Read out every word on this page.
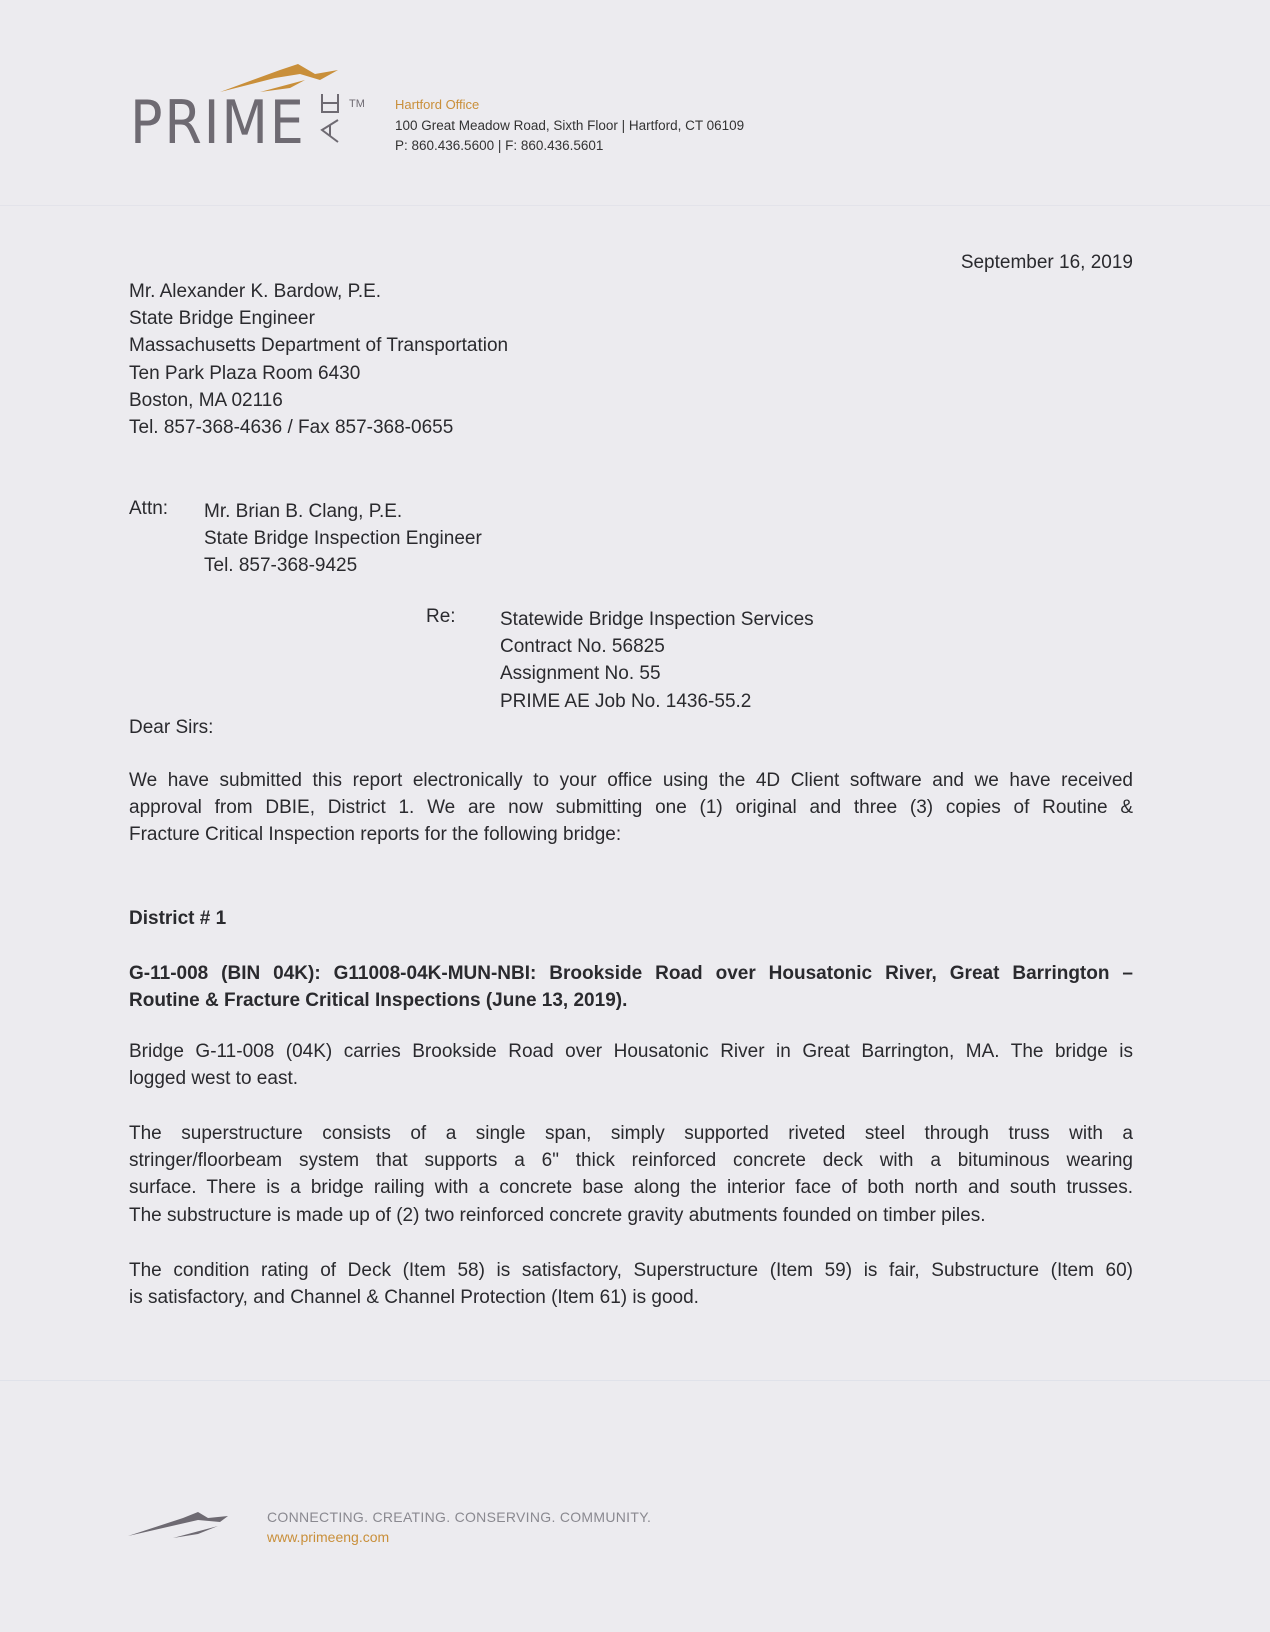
PRIME	TM Hartford Office
100 Great Meadow Road, Sixth Floor | Hartford, CT 06109
P: 860.436.5600 | F: 860.436.5601
September 16, 2019
Mr. Alexander K. Bardow, P.E.
State Bridge Engineer
Massachusetts Department of Transportation
Ten Park Plaza Room 6430
Boston, MA 02116
Tel. 857-368-4636 / Fax 857-368-0655
Attn: Mr. Brian B. Clang, P.E.
State Bridge Inspection Engineer
Tel. 857-368-9425
Re: Statewide Bridge Inspection Services
Contract No. 56825
Assignment No. 55
PRIME AE Job No. 1436-55.2
Dear Sirs:
We have submitted this report electronically to your office using the 4D Client software and we have received
approval from DBIE, District 1. We are now submitting one (1) original and three (3) copies of Routine &
Fracture Critical Inspection reports for the following bridge:
District # 1
G-11-008 (BIN 04K): G11008-04K-MUN-NBI: Brookside Road over Housatonic River, Great Barrington –
Routine & Fracture Critical Inspections (June 13, 2019).
Bridge G-11-008 (04K) carries Brookside Road over Housatonic River in Great Barrington, MA. The bridge is
logged west to east.
The superstructure consists of a single span, simply supported riveted steel through truss with a
stringer/floorbeam system that supports a 6" thick reinforced concrete deck with a bituminous wearing
surface. There is a bridge railing with a concrete base along the interior face of both north and south trusses.
The substructure is made up of (2) two reinforced concrete gravity abutments founded on timber piles.
The condition rating of Deck (Item 58) is satisfactory, Superstructure (Item 59) is fair, Substructure (Item 60)
is satisfactory, and Channel & Channel Protection (Item 61) is good.
CONNECTING. CREATING. CONSERVING. COMMUNITY.
www.primeeng.com
